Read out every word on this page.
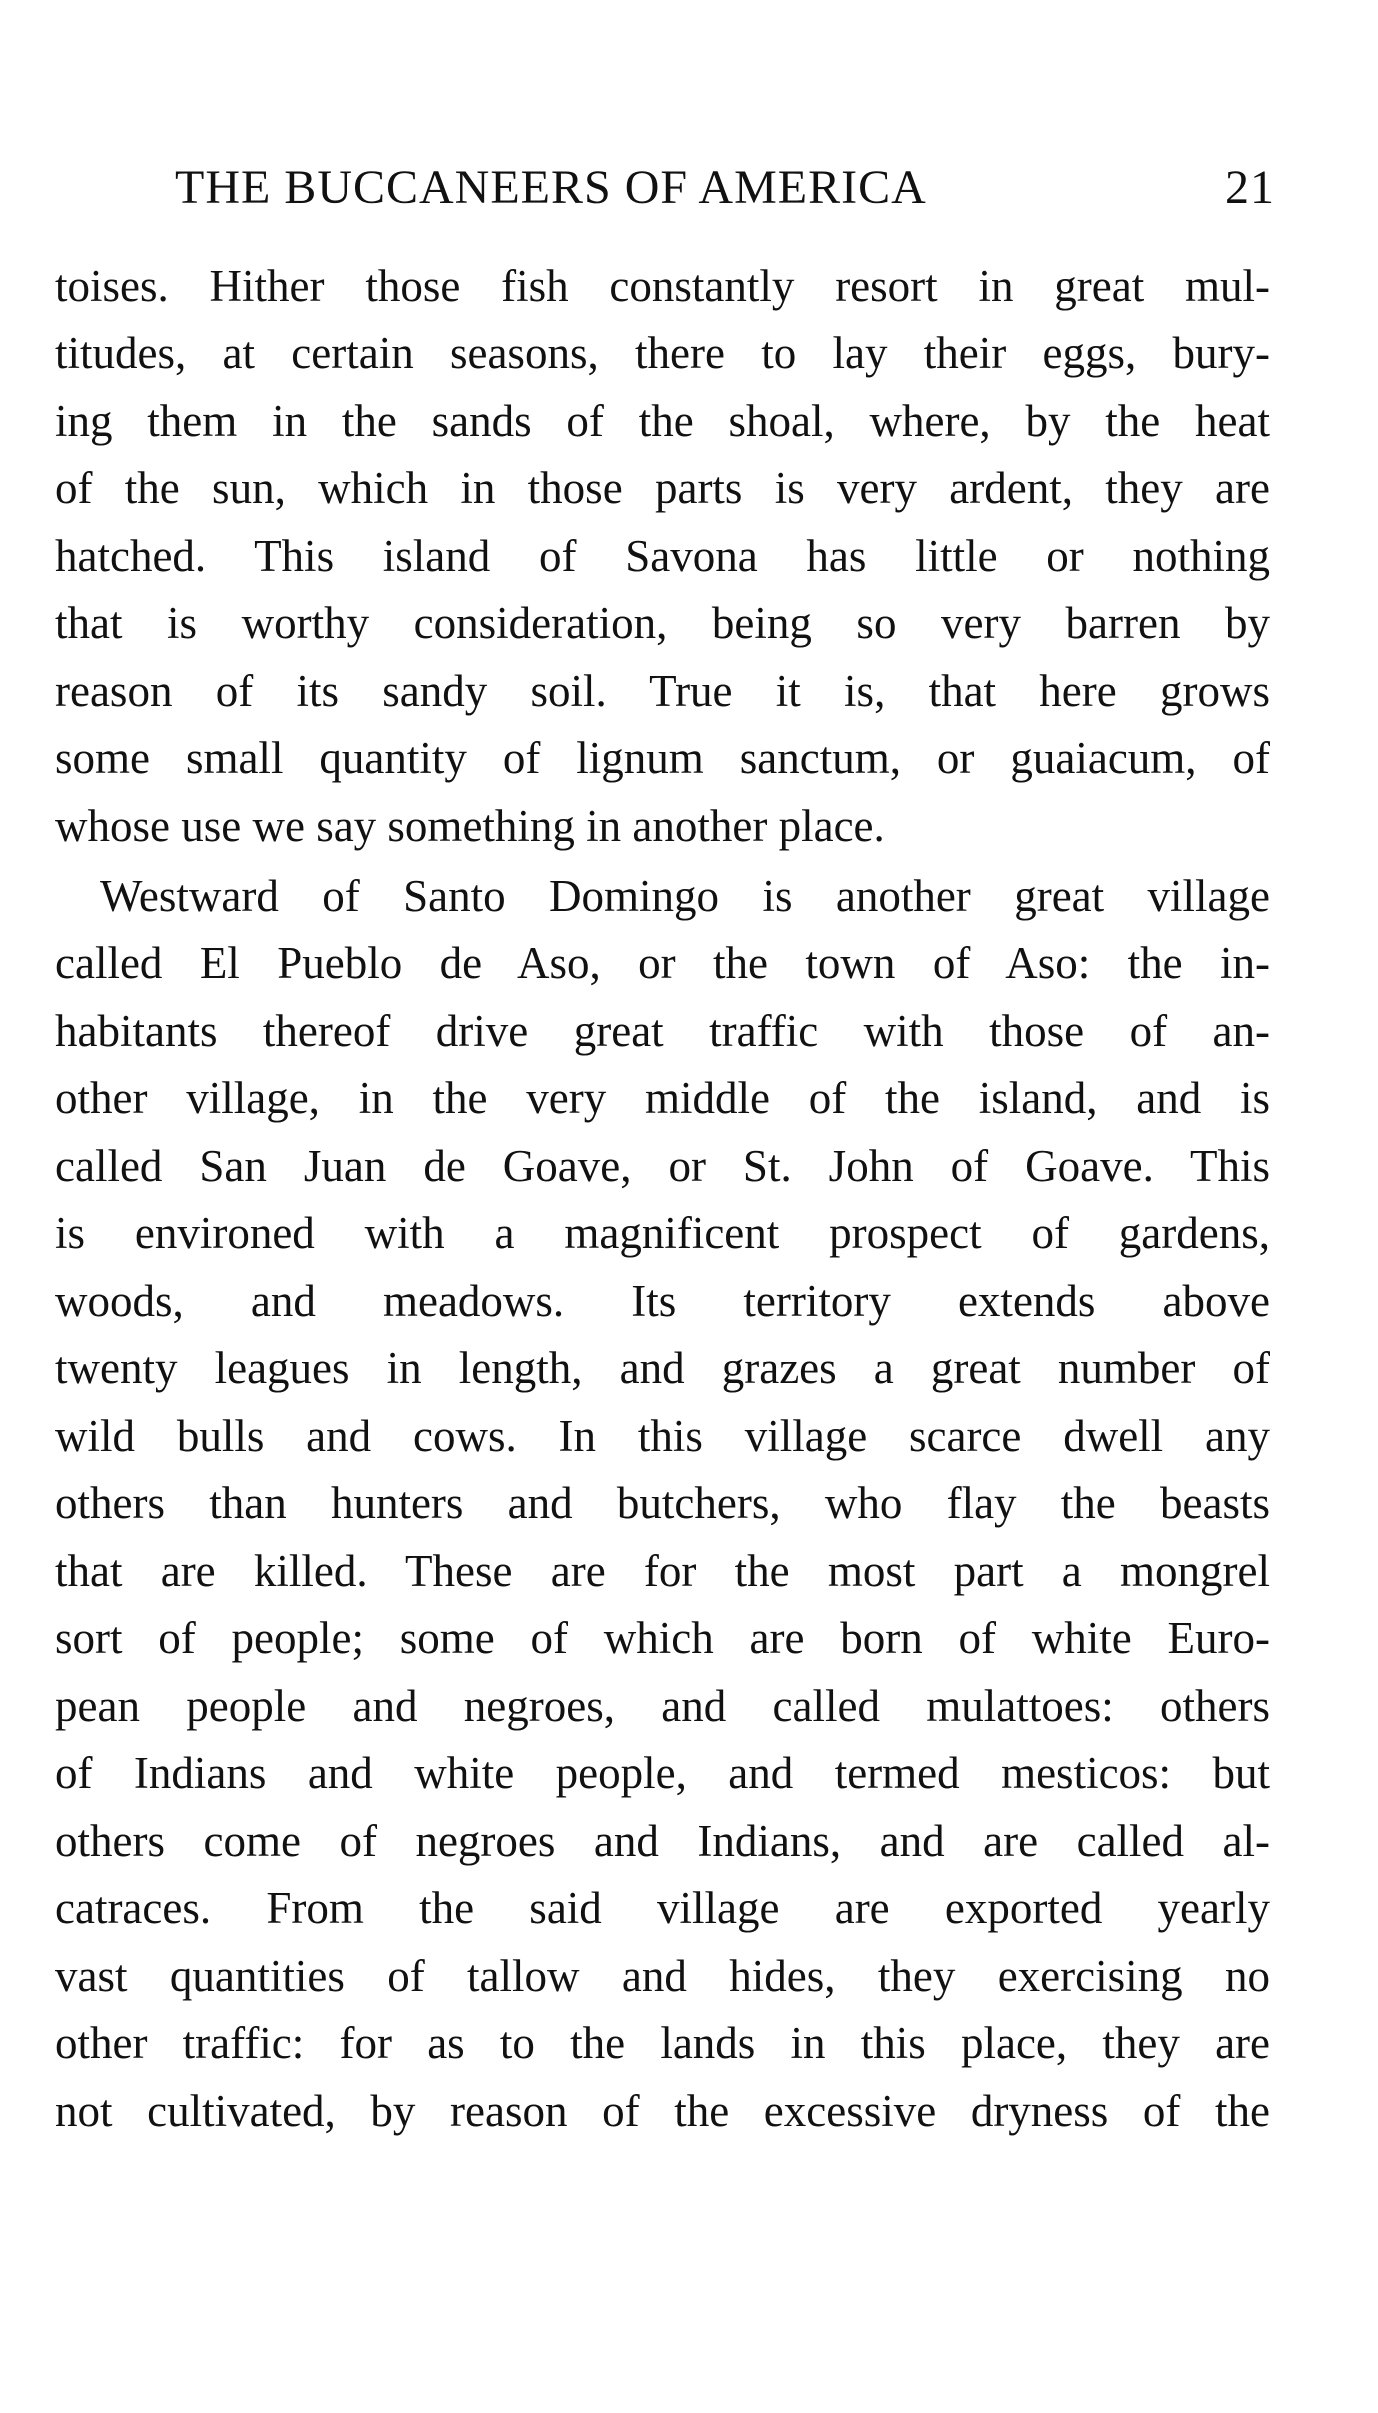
THE BUCCANEERS OF AMERICA	21
toises. Hither those fish constantly resort in great mul-
titudes, at certain seasons, there to lay their eggs, bury-
ing them in the sands of the shoal, where, by the heat
of the sun, which in those parts is very ardent, they are
hatched. This island of Savona has little or nothing
that is worthy consideration, being so very barren by
reason of its sandy soil. True it is, that here grows
some small quantity of lignum sanctum, or guaiacum, of
whose use we say something in another place.
Westward of Santo Domingo is another great village
called El Pueblo de Aso, or the town of Aso: the in-
habitants thereof drive great traffic with those of an-
other village, in the very middle of the island, and is
called San Juan de Goave, or St. John of Goave. This
is environed with a magnificent prospect of gardens,
woods, and meadows. Its territory extends above
twenty leagues in length, and grazes a great number of
wild bulls and cows. In this village scarce dwell any
others than hunters and butchers, who flay the beasts
that are killed. These are for the most part a mongrel
sort of people; some of which are born of white Euro-
pean people and negroes, and called mulattoes: others
of Indians and white people, and termed mesticos: but
others come of negroes and Indians, and are called al-
catraces. From the said village are exported yearly
vast quantities of tallow and hides, they exercising no
other traffic: for as to the lands in this place, they are
not cultivated, by reason of the excessive dryness of the
